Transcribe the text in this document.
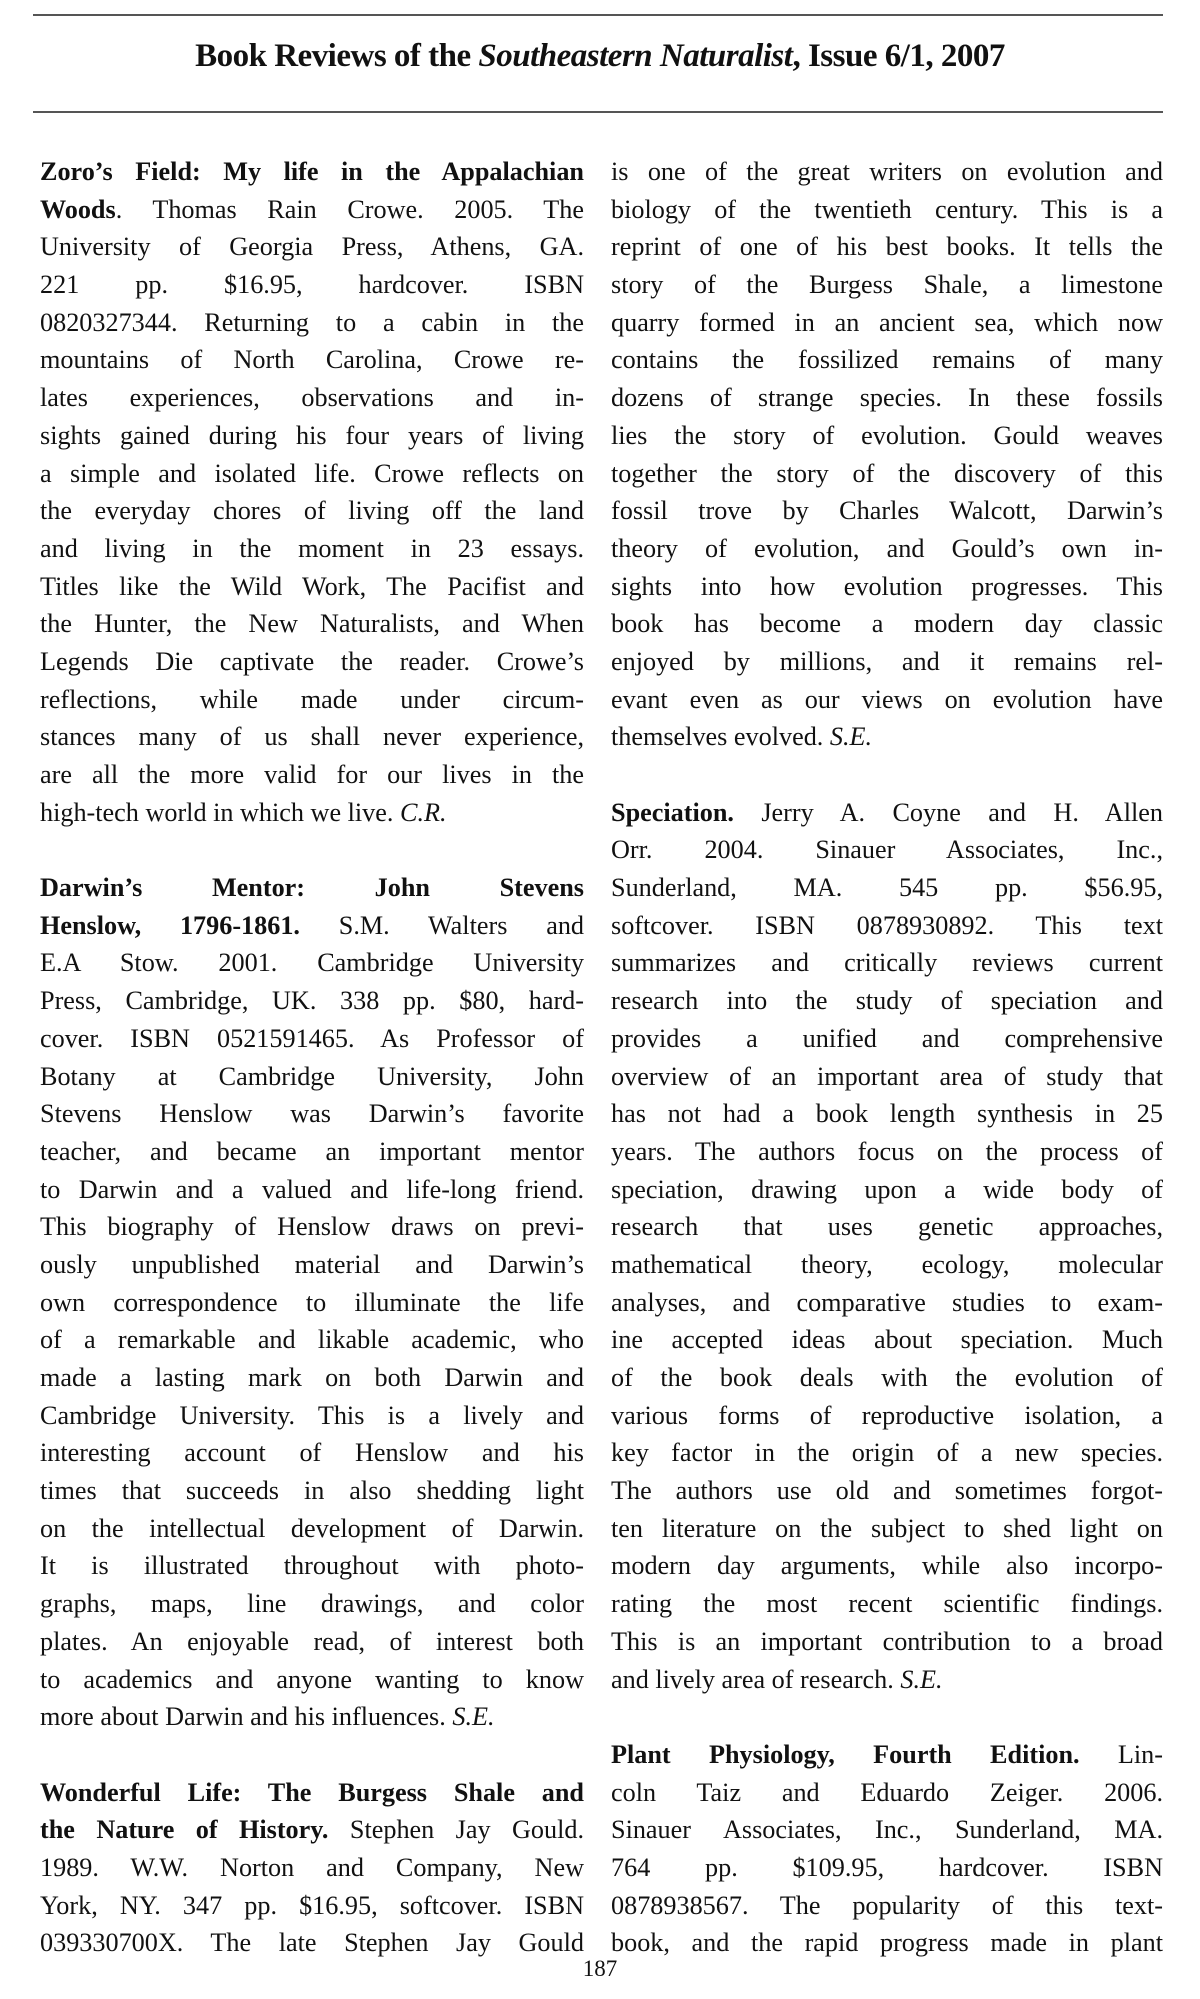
Book Reviews of the Southeastern Naturalist, Issue 6/1, 2007
Zoro’s Field: My life in the Appalachian
Woods. Thomas Rain Crowe. 2005. The
University of Georgia Press, Athens, GA.
221 pp. $16.95, hardcover. ISBN
0820327344. Returning to a cabin in the
mountains of North Carolina, Crowe re-
lates experiences, observations and in-
sights gained during his four years of living
a simple and isolated life. Crowe reflects on
the everyday chores of living off the land
and living in the moment in 23 essays.
Titles like the Wild Work, The Pacifist and
the Hunter, the New Naturalists, and When
Legends Die captivate the reader. Crowe’s
reflections, while made under circum-
stances many of us shall never experience,
are all the more valid for our lives in the
high-tech world in which we live. C.R.
Darwin’s Mentor: John Stevens
Henslow, 1796-1861. S.M. Walters and
E.A Stow. 2001. Cambridge University
Press, Cambridge, UK. 338 pp. $80, hard-
cover. ISBN 0521591465. As Professor of
Botany at Cambridge University, John
Stevens Henslow was Darwin’s favorite
teacher, and became an important mentor
to Darwin and a valued and life-long friend.
This biography of Henslow draws on previ-
ously unpublished material and Darwin’s
own correspondence to illuminate the life
of a remarkable and likable academic, who
made a lasting mark on both Darwin and
Cambridge University. This is a lively and
interesting account of Henslow and his
times that succeeds in also shedding light
on the intellectual development of Darwin.
It is illustrated throughout with photo-
graphs, maps, line drawings, and color
plates. An enjoyable read, of interest both
to academics and anyone wanting to know
more about Darwin and his influences. S.E.
Wonderful Life: The Burgess Shale and
the Nature of History. Stephen Jay Gould.
1989. W.W. Norton and Company, New
York, NY. 347 pp. $16.95, softcover. ISBN
039330700X. The late Stephen Jay Gould
is one of the great writers on evolution and
biology of the twentieth century. This is a
reprint of one of his best books. It tells the
story of the Burgess Shale, a limestone
quarry formed in an ancient sea, which now
contains the fossilized remains of many
dozens of strange species. In these fossils
lies the story of evolution. Gould weaves
together the story of the discovery of this
fossil trove by Charles Walcott, Darwin’s
theory of evolution, and Gould’s own in-
sights into how evolution progresses. This
book has become a modern day classic
enjoyed by millions, and it remains rel-
evant even as our views on evolution have
themselves evolved. S.E.
Speciation. Jerry A. Coyne and H. Allen
Orr. 2004. Sinauer Associates, Inc.,
Sunderland, MA. 545 pp. $56.95,
softcover. ISBN 0878930892. This text
summarizes and critically reviews current
research into the study of speciation and
provides a unified and comprehensive
overview of an important area of study that
has not had a book length synthesis in 25
years. The authors focus on the process of
speciation, drawing upon a wide body of
research that uses genetic approaches,
mathematical theory, ecology, molecular
analyses, and comparative studies to exam-
ine accepted ideas about speciation. Much
of the book deals with the evolution of
various forms of reproductive isolation, a
key factor in the origin of a new species.
The authors use old and sometimes forgot-
ten literature on the subject to shed light on
modern day arguments, while also incorpo-
rating the most recent scientific findings.
This is an important contribution to a broad
and lively area of research. S.E.
Plant Physiology, Fourth Edition. Lin-
coln Taiz and Eduardo Zeiger. 2006.
Sinauer Associates, Inc., Sunderland, MA.
764 pp. $109.95, hardcover. ISBN
0878938567. The popularity of this text-
book, and the rapid progress made in plant
187
